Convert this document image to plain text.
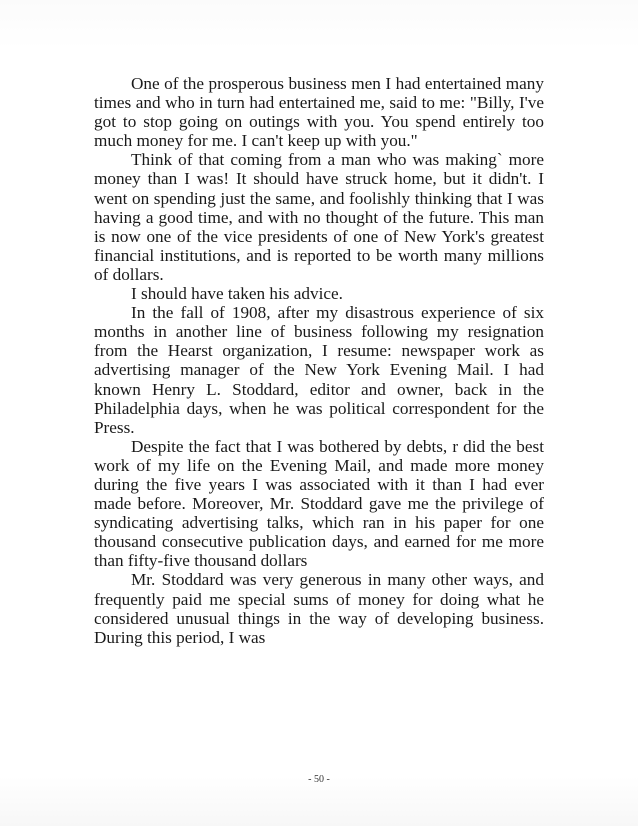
One of the prosperous business men I had entertained many times and who in turn had entertained me, said to me: "Billy, I've got to stop going on outings with you. You spend entirely too much money for me. I can't keep up with you."

Think of that coming from a man who was making` more money than I was! It should have struck home, but it didn't. I went on spending just the same, and foolishly thinking that I was having a good time, and with no thought of the future. This man is now one of the vice presidents of one of New York's greatest financial institutions, and is reported to be worth many millions of dollars.

I should have taken his advice.

In the fall of 1908, after my disastrous experience of six months in another line of business following my resignation from the Hearst organization, I resume: newspaper work as advertising manager of the New York Evening Mail. I had known Henry L. Stoddard, editor and owner, back in the Philadelphia days, when he was political correspondent for the Press.

Despite the fact that I was bothered by debts, r did the best work of my life on the Evening Mail, and made more money during the five years I was associated with it than I had ever made before. Moreover, Mr. Stoddard gave me the privilege of syndicating advertising talks, which ran in his paper for one thousand consecutive publication days, and earned for me more than fifty-five thousand dollars

Mr. Stoddard was very generous in many other ways, and frequently paid me special sums of money for doing what he considered unusual things in the way of developing business. During this period, I was

- 50 -
